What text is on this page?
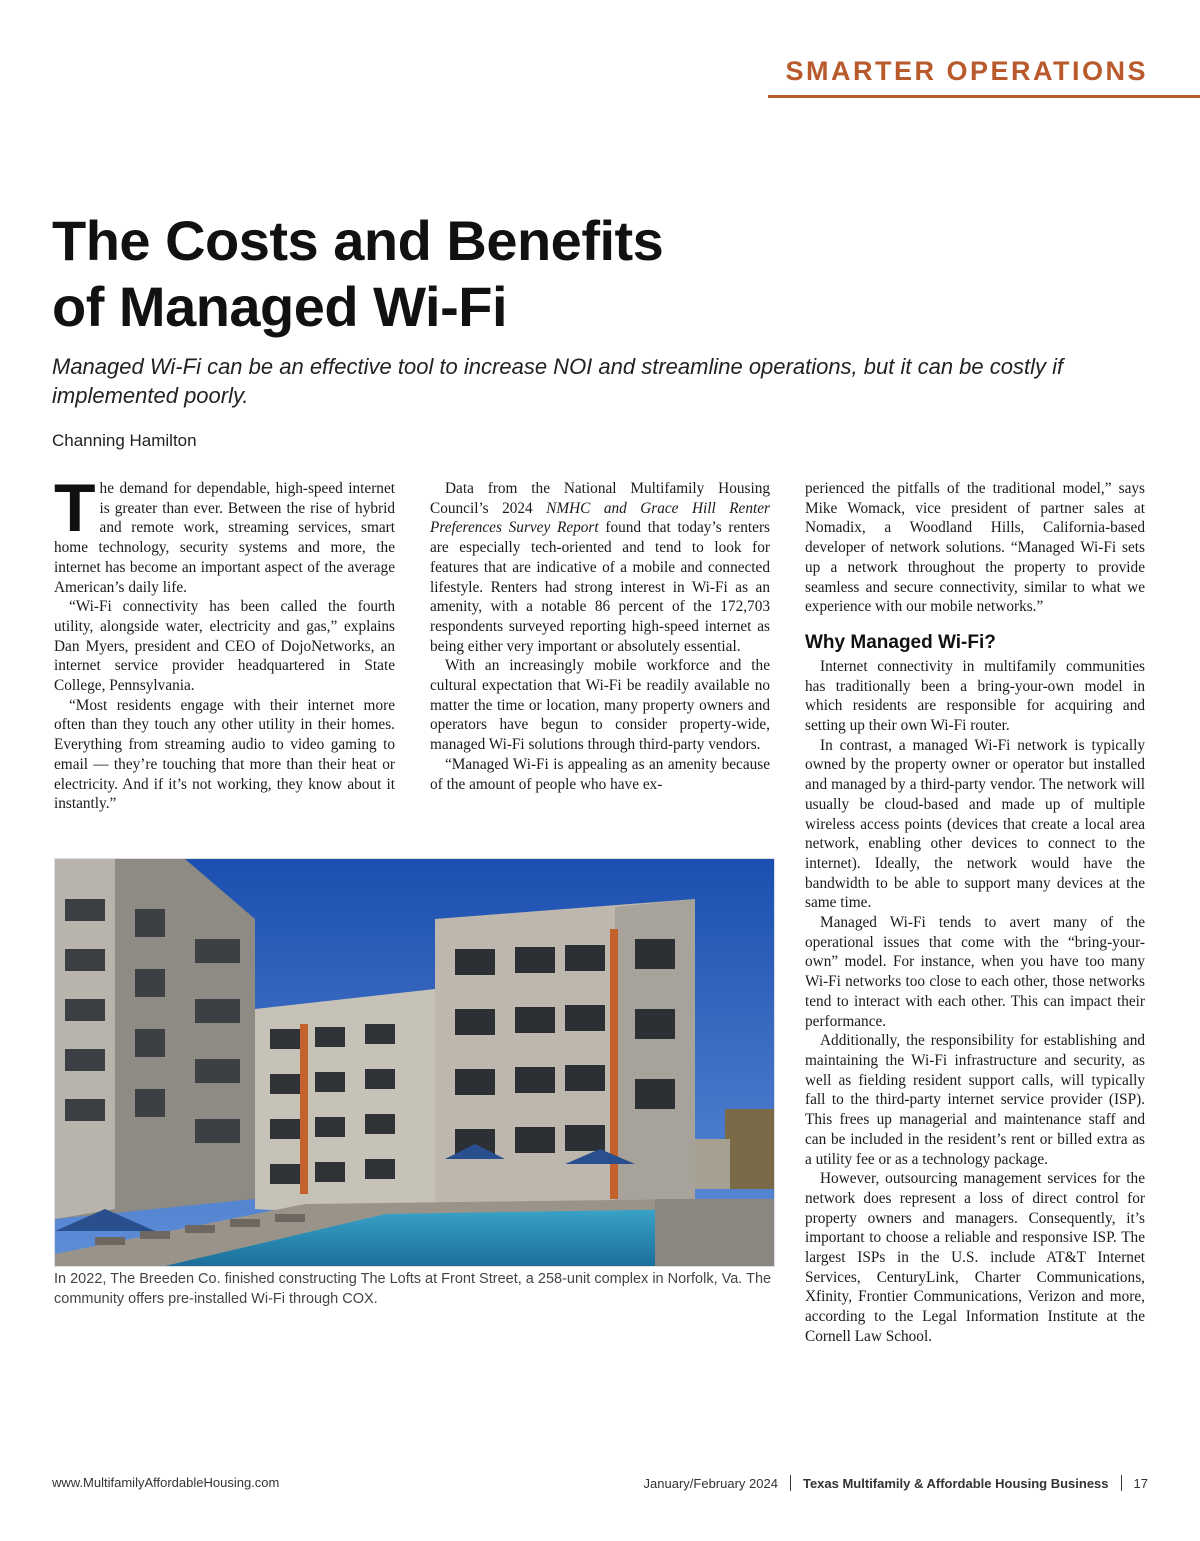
SMARTER OPERATIONS
The Costs and Benefits
of Managed Wi-Fi

Managed Wi-Fi can be an effective tool to increase NOI and streamline operations, but it can be costly if implemented poorly.

Channing Hamilton

The demand for dependable, high-speed internet is greater than ever. Between the rise of hybrid and remote work, streaming services, smart home technology, security systems and more, the internet has become an important aspect of the average American’s daily life.

“Wi-Fi connectivity has been called the fourth utility, alongside water, electricity and gas,” explains Dan Myers, president and CEO of DojoNetworks, an internet service provider headquartered in State College, Pennsylvania.

“Most residents engage with their internet more often than they touch any other utility in their homes. Everything from streaming audio to video gaming to email — they’re touching that more than their heat or electricity. And if it’s not working, they know about it instantly.”

Data from the National Multifamily Housing Council’s 2024 NMHC and Grace Hill Renter Preferences Survey Report found that today’s renters are especially tech-oriented and tend to look for features that are indicative of a mobile and connected lifestyle. Renters had strong interest in Wi-Fi as an amenity, with a notable 86 percent of the 172,703 respondents surveyed reporting high-speed internet as being either very important or absolutely essential.

With an increasingly mobile workforce and the cultural expectation that Wi-Fi be readily available no matter the time or location, many property owners and operators have begun to consider property-wide, managed Wi-Fi solutions through third-party vendors.

“Managed Wi-Fi is appealing as an amenity because of the amount of people who have ex-

perienced the pitfalls of the traditional model,” says Mike Womack, vice president of partner sales at Nomadix, a Woodland Hills, California-based developer of network solutions. “Managed Wi-Fi sets up a network throughout the property to provide seamless and secure connectivity, similar to what we experience with our mobile networks.”

Why Managed Wi-Fi?

Internet connectivity in multifamily communities has traditionally been a bring-your-own model in which residents are responsible for acquiring and setting up their own Wi-Fi router.

In contrast, a managed Wi-Fi network is typically owned by the property owner or operator but installed and managed by a third-party vendor. The network will usually be cloud-based and made up of multiple wireless access points (devices that create a local area network, enabling other devices to connect to the internet). Ideally, the network would have the bandwidth to be able to support many devices at the same time.

Managed Wi-Fi tends to avert many of the operational issues that come with the “bring-your-own” model. For instance, when you have too many Wi-Fi networks too close to each other, those networks tend to interact with each other. This can impact their performance.

Additionally, the responsibility for establishing and maintaining the Wi-Fi infrastructure and security, as well as fielding resident support calls, will typically fall to the third-party internet service provider (ISP). This frees up managerial and maintenance staff and can be included in the resident’s rent or billed extra as a utility fee or as a technology package.

However, outsourcing management services for the network does represent a loss of direct control for property owners and managers. Consequently, it’s important to choose a reliable and responsive ISP. The largest ISPs in the U.S. include AT&T Internet Services, CenturyLink, Charter Communications, Xfinity, Frontier Communications, Verizon and more, according to the Legal Information Institute at the Cornell Law School.

In 2022, The Breeden Co. finished constructing The Lofts at Front Street, a 258-unit complex in Norfolk, Va. The community offers pre-installed Wi-Fi through COX.

www.MultifamilyAffordableHousing.com	January/February 2024 Texas Multifamily & Affordable Housing Business 17
